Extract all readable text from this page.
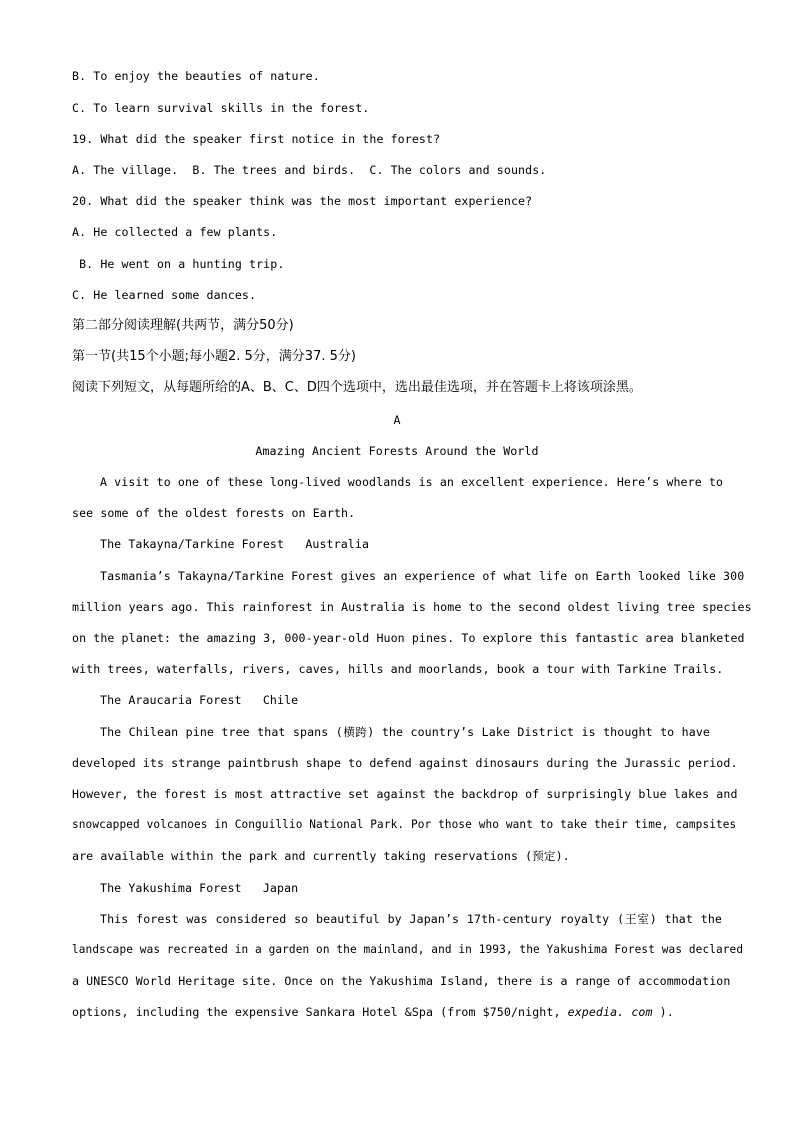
B. To enjoy the beauties of nature.
C. To learn survival skills in the forest.
19. What did the speaker first notice in the forest?
A. The village.  B. The trees and birds.  C. The colors and sounds.
20. What did the speaker think was the most important experience?
A. He collected a few plants.
B. He went on a hunting trip.
C. He learned some dances.
第二部分阅读理解(共两节，满分50分)
第一节(共15个小题;每小题2. 5分，满分37. 5分)
阅读下列短文，从每题所给的A、B、C、D四个选项中，选出最佳选项，并在答题卡上将该项涂黑。
A
Amazing Ancient Forests Around the World
A visit to one of these long-lived woodlands is an excellent experience. Here’s where to
see some of the oldest forests on Earth.
The Takayna/Tarkine Forest   Australia
Tasmania’s Takayna/Tarkine Forest gives an experience of what life on Earth looked like 300
million years ago. This rainforest in Australia is home to the second oldest living tree species
on the planet: the amazing 3, 000-year-old Huon pines. To explore this fantastic area blanketed
with trees, waterfalls, rivers, caves, hills and moorlands, book a tour with Tarkine Trails.
The Araucaria Forest   Chile
The Chilean pine tree that spans (横跨) the country’s Lake District is thought to have
developed its strange paintbrush shape to defend against dinosaurs during the Jurassic period.
However, the forest is most attractive set against the backdrop of surprisingly blue lakes and
snowcapped volcanoes in Conguillio National Park. Por those who want to take their time, campsites
are available within the park and currently taking reservations (预定).
The Yakushima Forest   Japan
This forest was considered so beautiful by Japan’s 17th-century royalty (王室) that the
landscape was recreated in a garden on the mainland, and in 1993, the Yakushima Forest was declared
a UNESCO World Heritage site. Once on the Yakushima Island, there is a range of accommodation
options, including the expensive Sankara Hotel &Spa (from $750/night, expedia. com ).
